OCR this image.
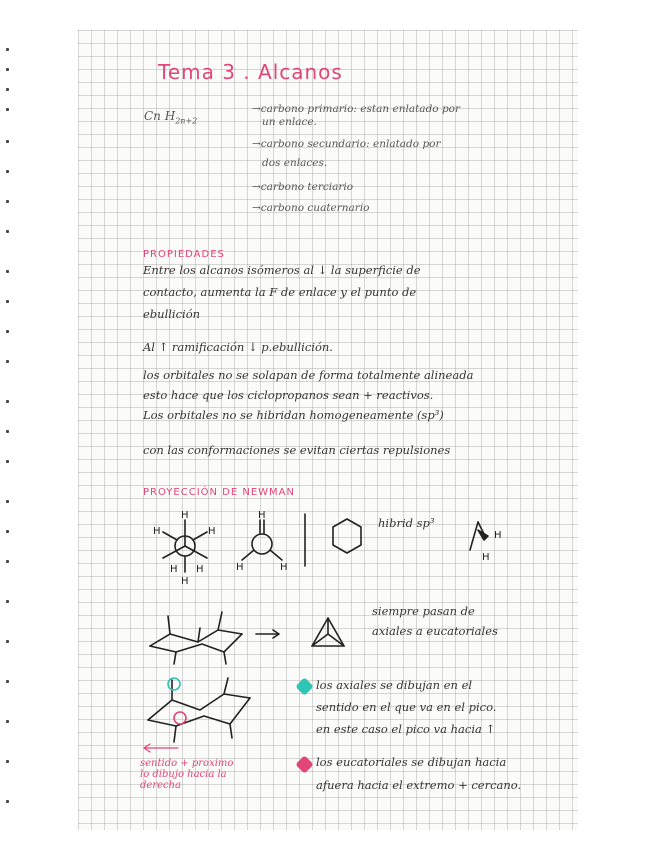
Tema 3 . Alcanos
Cn $H_{2n+2}$
→carbono primario: estan enlatado por
un enlace.
→carbono secundario: enlatado por
dos enlaces.
→carbono terciario
→carbono cuaternario
PROPIEDADES
Entre los alcanos isómeros al ↓ la superficie de
contacto, aumenta la F de enlace y el punto de
ebullición
Al ↑ ramificación ↓ p.ebullición.
los orbitales no se solapan de forma totalmente alineada
esto hace que los ciclopropanos sean + reactivos.
Los orbitales no se hibridan homogeneamente (sp³)
con las conformaciones se evitan ciertas repulsiones
PROYECCIÓN DE NEWMAN
H
H	H
H H
H
H
H	H
hibrid sp³
H
H
siempre pasan de
axiales a eucatoriales
sentido + proximo
lo dibujo hacia la
derecha
los axiales se dibujan en el
sentido en el que va en el pico.
en este caso el pico va hacia ↑
los eucatoriales se dibujan hacia
afuera hacia el extremo + cercano.
